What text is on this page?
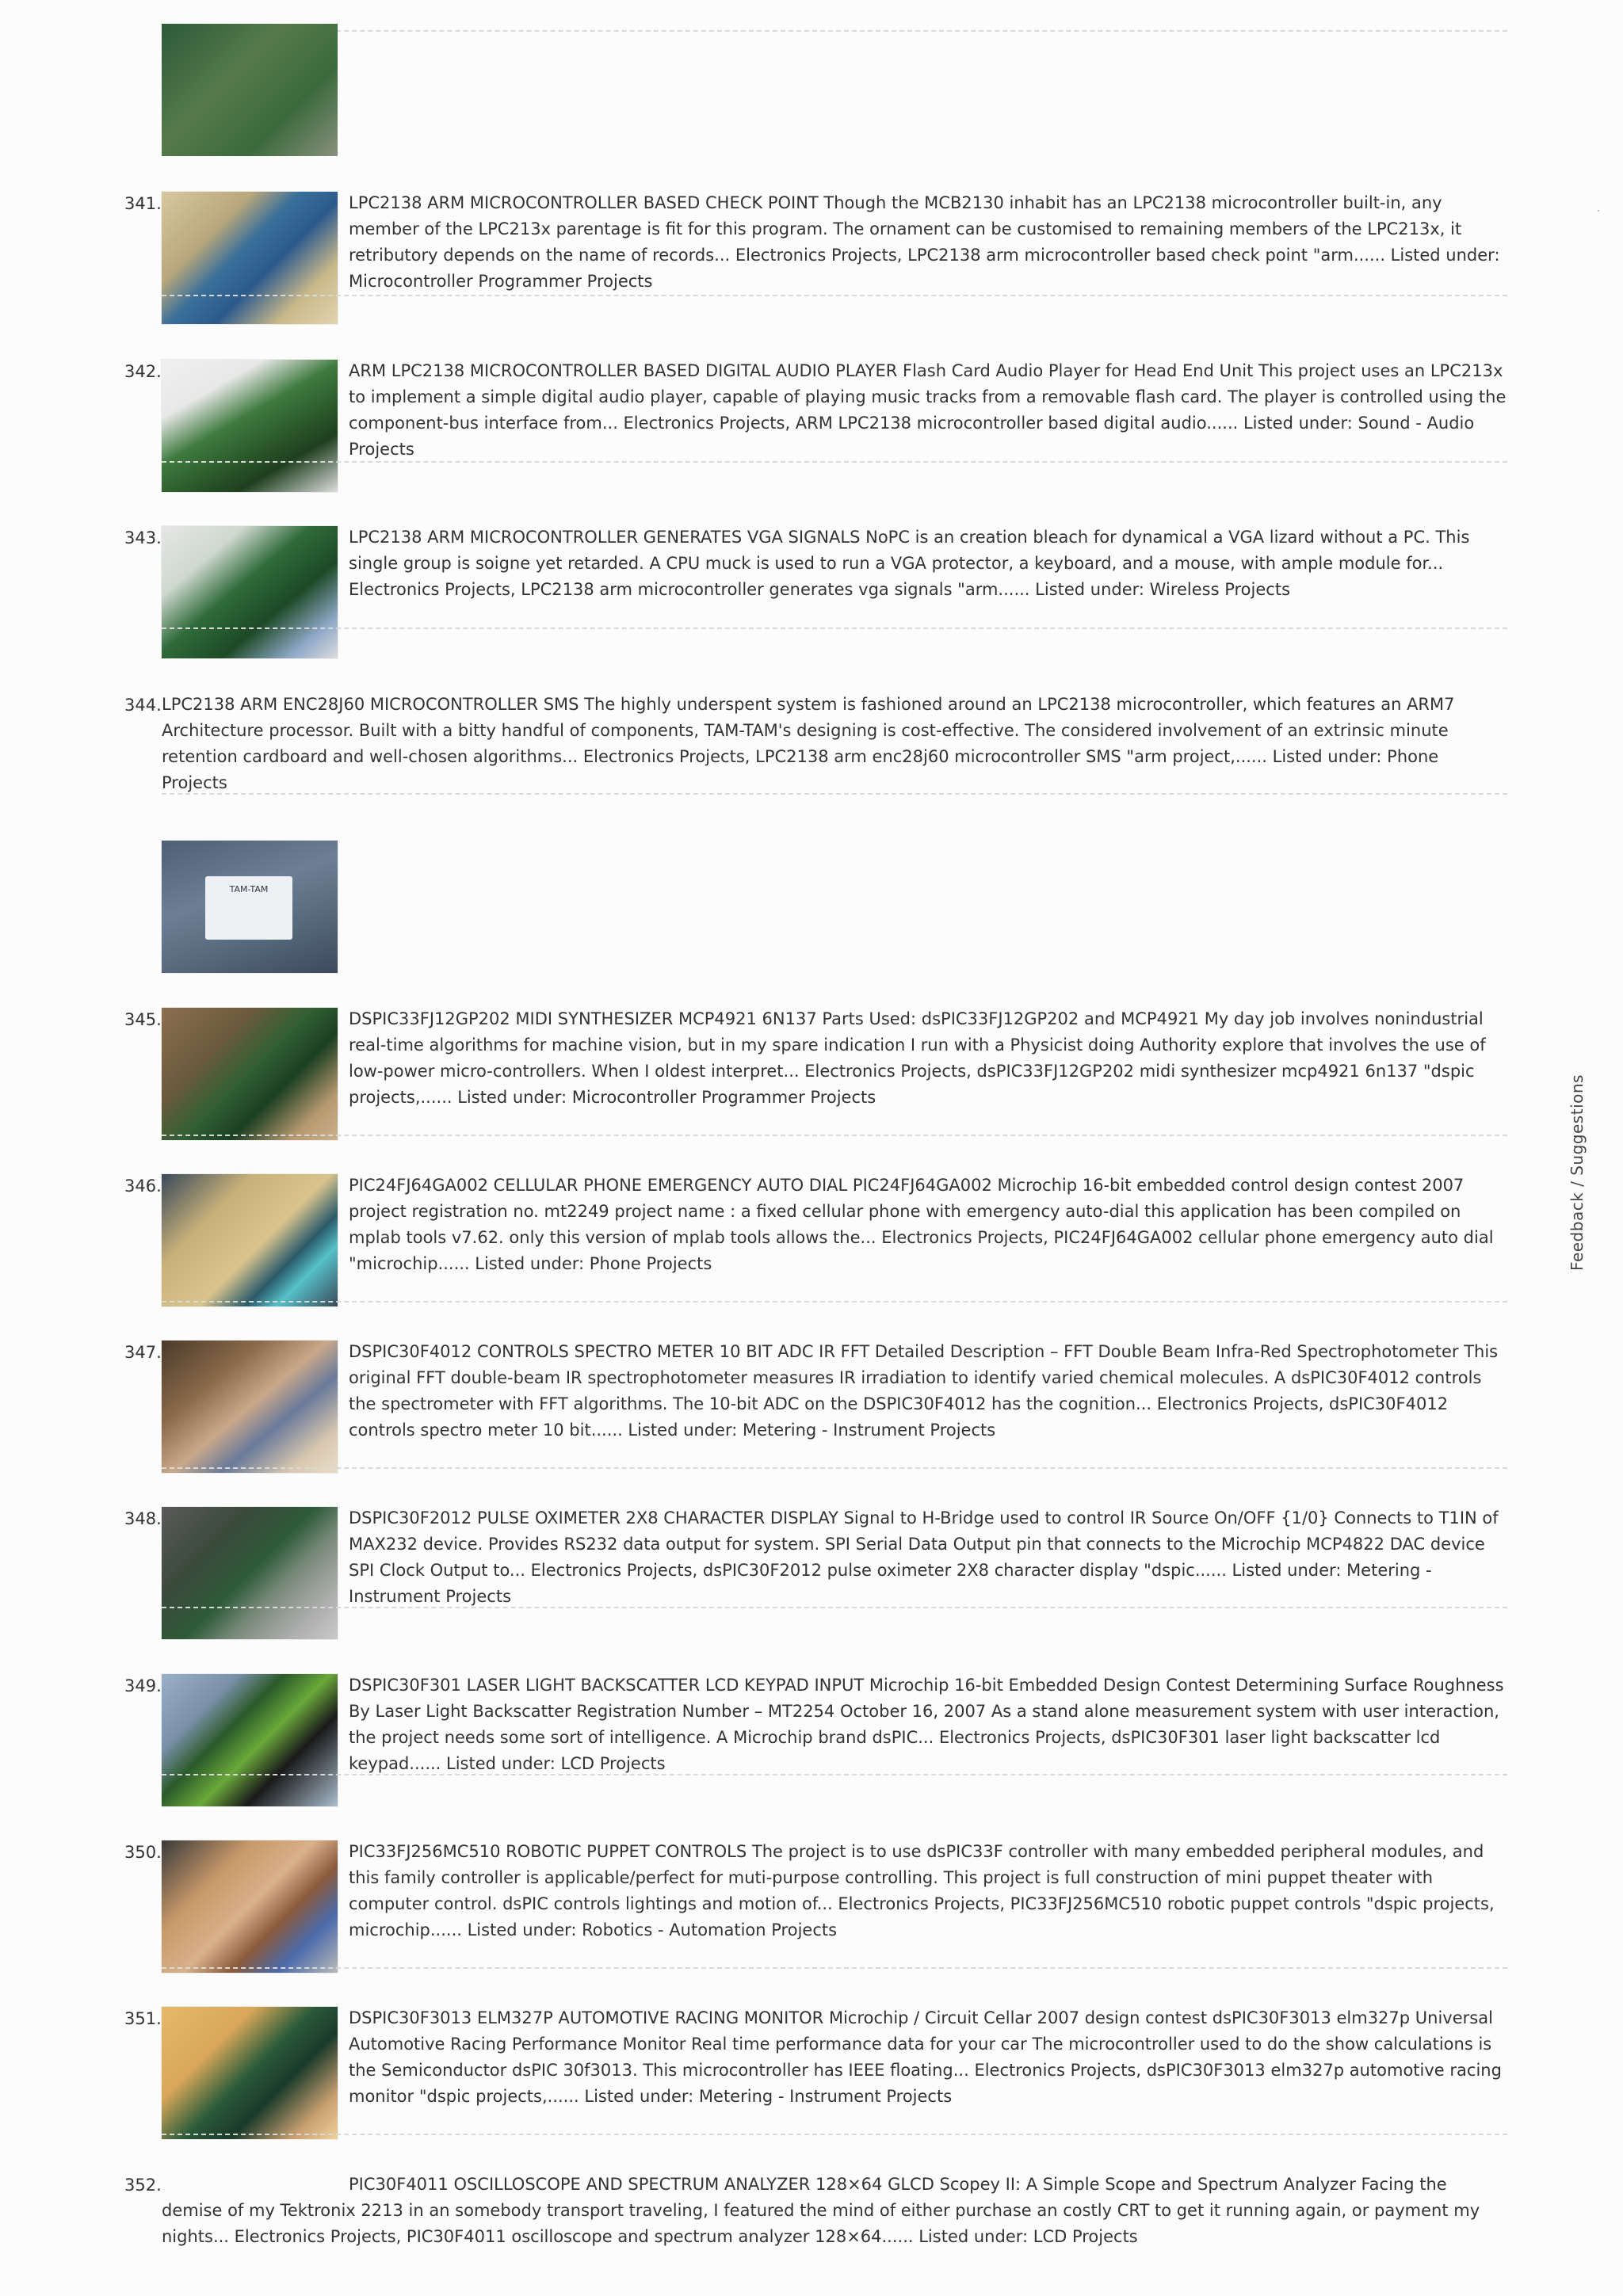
341.	LPC2138 ARM MICROCONTROLLER BASED CHECK POINT Though the MCB2130 inhabit has an LPC2138 microcontroller built-in, any member of the LPC213x parentage is fit for this program. The ornament can be customised to remaining members of the LPC213x, it retributory depends on the name of records... Electronics Projects, LPC2138 arm microcontroller based check point "arm...... Listed under: Microcontroller Programmer Projects

342.	ARM LPC2138 MICROCONTROLLER BASED DIGITAL AUDIO PLAYER Flash Card Audio Player for Head End Unit This project uses an LPC213x to implement a simple digital audio player, capable of playing music tracks from a removable flash card. The player is controlled using the component-bus interface from... Electronics Projects, ARM LPC2138 microcontroller based digital audio...... Listed under: Sound - Audio Projects

343.	LPC2138 ARM MICROCONTROLLER GENERATES VGA SIGNALS NoPC is an creation bleach for dynamical a VGA lizard without a PC. This single group is soigne yet retarded. A CPU muck is used to run a VGA protector, a keyboard, and a mouse, with ample module for... Electronics Projects, LPC2138 arm microcontroller generates vga signals "arm...... Listed under: Wireless Projects

344. LPC2138 ARM ENC28J60 MICROCONTROLLER SMS The highly underspent system is fashioned around an LPC2138 microcontroller, which features an ARM7 Architecture processor. Built with a bitty handful of components, TAM-TAM's designing is cost-effective. The considered involvement of an extrinsic minute retention cardboard and well-chosen algorithms... Electronics Projects, LPC2138 arm enc28j60 microcontroller SMS "arm project,...... Listed under: Phone Projects

TAM-TAM
345.	DSPIC33FJ12GP202 MIDI SYNTHESIZER MCP4921 6N137 Parts Used: dsPIC33FJ12GP202 and MCP4921 My day job involves nonindustrial real-time algorithms for machine vision, but in my spare indication I run with a Physicist doing Authority explore that involves the use of low-power micro-controllers. When I oldest interpret... Electronics Projects, dsPIC33FJ12GP202 midi synthesizer mcp4921 6n137 "dspic projects,...... Listed under: Microcontroller Programmer Projects

346.	PIC24FJ64GA002 CELLULAR PHONE EMERGENCY AUTO DIAL PIC24FJ64GA002 Microchip 16-bit embedded control design contest 2007 project registration no. mt2249 project name : a fixed cellular phone with emergency auto-dial this application has been compiled on mplab tools v7.62. only this version of mplab tools allows the... Electronics Projects, PIC24FJ64GA002 cellular phone emergency auto dial "microchip...... Listed under: Phone Projects

347.	DSPIC30F4012 CONTROLS SPECTRO METER 10 BIT ADC IR FFT Detailed Description – FFT Double Beam Infra-Red Spectrophotometer This original FFT double-beam IR spectrophotometer measures IR irradiation to identify varied chemical molecules. A dsPIC30F4012 controls the spectrometer with FFT algorithms. The 10-bit ADC on the DSPIC30F4012 has the cognition... Electronics Projects, dsPIC30F4012 controls spectro meter 10 bit...... Listed under: Metering - Instrument Projects

348.	DSPIC30F2012 PULSE OXIMETER 2X8 CHARACTER DISPLAY Signal to H-Bridge used to control IR Source On/OFF {1/0} Connects to T1IN of MAX232 device. Provides RS232 data output for system. SPI Serial Data Output pin that connects to the Microchip MCP4822 DAC device SPI Clock Output to... Electronics Projects, dsPIC30F2012 pulse oximeter 2X8 character display "dspic...... Listed under: Metering - Instrument Projects

349.	DSPIC30F301 LASER LIGHT BACKSCATTER LCD KEYPAD INPUT Microchip 16-bit Embedded Design Contest Determining Surface Roughness By Laser Light Backscatter Registration Number – MT2254 October 16, 2007 As a stand alone measurement system with user interaction, the project needs some sort of intelligence. A Microchip brand dsPIC... Electronics Projects, dsPIC30F301 laser light backscatter lcd keypad...... Listed under: LCD Projects

350.	PIC33FJ256MC510 ROBOTIC PUPPET CONTROLS The project is to use dsPIC33F controller with many embedded peripheral modules, and this family controller is applicable/perfect for muti-purpose controlling. This project is full construction of mini puppet theater with computer control. dsPIC controls lightings and motion of... Electronics Projects, PIC33FJ256MC510 robotic puppet controls "dspic projects, microchip...... Listed under: Robotics - Automation Projects

351.	DSPIC30F3013 ELM327P AUTOMOTIVE RACING MONITOR Microchip / Circuit Cellar 2007 design contest dsPIC30F3013 elm327p Universal Automotive Racing Performance Monitor Real time performance data for your car The microcontroller used to do the show calculations is the Semiconductor dsPIC 30f3013. This microcontroller has IEEE floating... Electronics Projects, dsPIC30F3013 elm327p automotive racing monitor "dspic projects,...... Listed under: Metering - Instrument Projects

352.	PIC30F4011 OSCILLOSCOPE AND SPECTRUM ANALYZER 128×64 GLCD Scopey II: A Simple Scope and Spectrum Analyzer Facing the demise of my Tektronix 2213 in an somebody transport traveling, I featured the mind of either purchase an costly CRT to get it running again, or payment my nights... Electronics Projects, PIC30F4011 oscilloscope and spectrum analyzer 128×64...... Listed under: LCD Projects

Feedback / Suggestions
